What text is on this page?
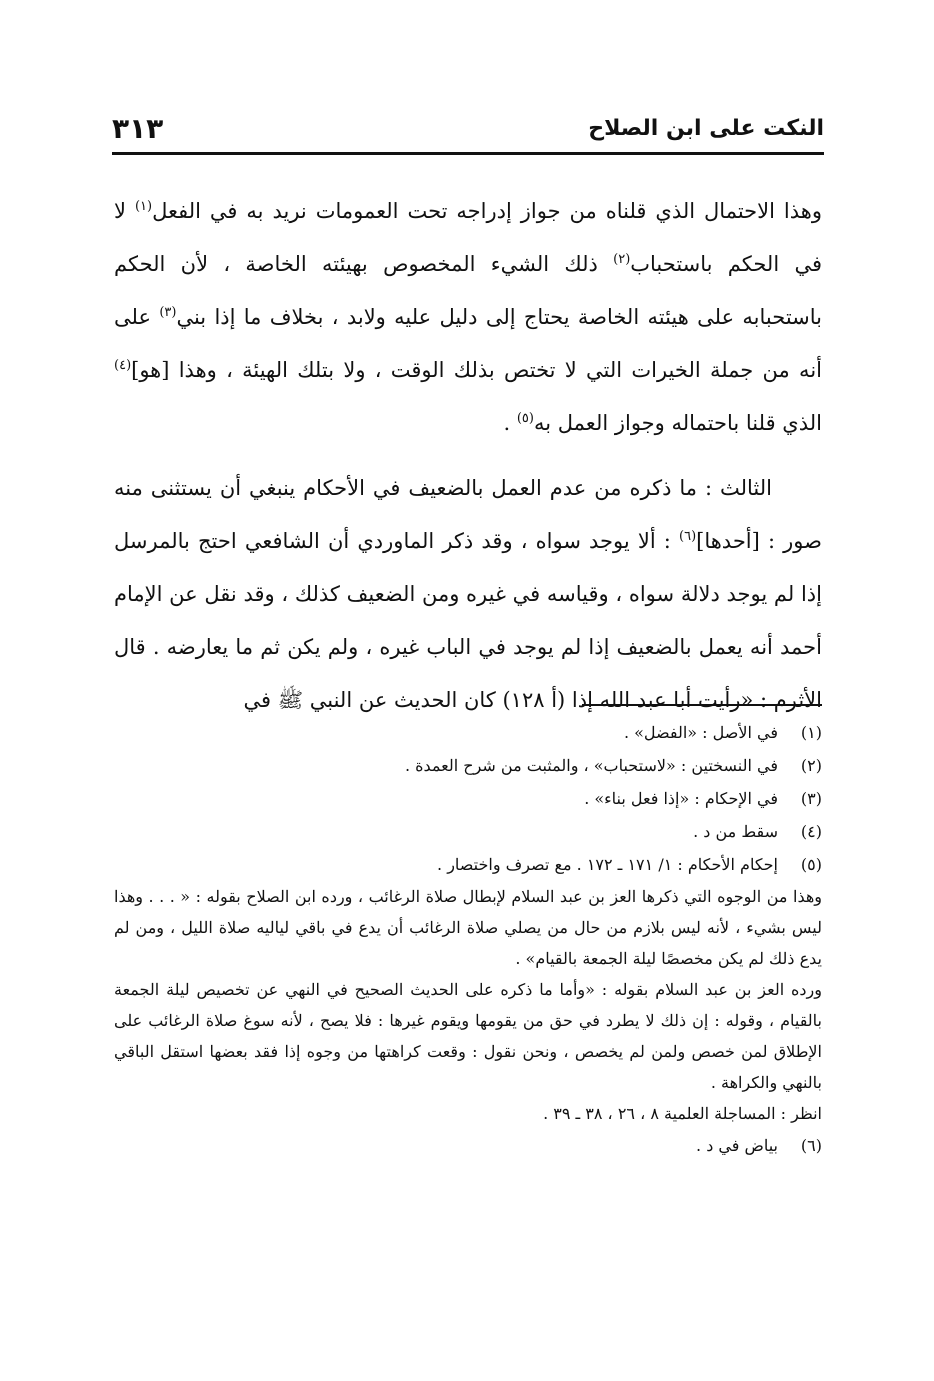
النكت على ابن الصلاح
٣١٣

وهذا الاحتمال الذي قلناه من جواز إدراجه تحت العمومات نريد به في الفعل$^{(١)}$ لا في الحكم باستحباب$^{(٢)}$ ذلك الشيء المخصوص بهيئته الخاصة ، لأن الحكم باستحبابه على هيئته الخاصة يحتاج إلى دليل عليه ولابد ، بخلاف ما إذا بني$^{(٣)}$ على أنه من جملة الخيرات التي لا تختص بذلك الوقت ، ولا بتلك الهيئة ، وهذا [هو]$^{(٤)}$ الذي قلنا باحتماله وجواز العمل به$^{(٥)}$ .

الثالث : ما ذكره من عدم العمل بالضعيف في الأحكام ينبغي أن يستثنى منه صور : [أحدها]$^{(٦)}$ : ألا يوجد سواه ، وقد ذكر الماوردي أن الشافعي احتج بالمرسل إذا لم يوجد دلالة سواه ، وقياسه في غيره ومن الضعيف كذلك ، وقد نقل عن الإمام أحمد أنه يعمل بالضعيف إذا لم يوجد في الباب غيره ، ولم يكن ثم ما يعارضه . قال الأثرم : «رأيت أبا عبد الله إذا (أ ١٢٨) كان الحديث عن النبي ﷺ في

(١)
في الأصل : «الفضل» .

(٢)
في النسختين : «لاستحباب» ، والمثبت من شرح العمدة .

(٣)
في الإحكام : «إذا فعل بناء» .

(٤)
سقط من د .

(٥)
إحكام الأحكام : ١/ ١٧١ ـ ١٧٢ . مع تصرف واختصار .

وهذا من الوجوه التي ذكرها العز بن عبد السلام لإبطال صلاة الرغائب ، ورده ابن الصلاح بقوله : « . . . وهذا ليس بشيء ، لأنه ليس بلازم من حال من يصلي صلاة الرغائب أن يدع في باقي لياليه صلاة الليل ، ومن لم يدع ذلك لم يكن مخصصًا ليلة الجمعة بالقيام» .

ورده العز بن عبد السلام بقوله : «وأما ما ذكره على الحديث الصحيح في النهي عن تخصيص ليلة الجمعة بالقيام ، وقوله : إن ذلك لا يطرد في حق من يقومها ويقوم غيرها : فلا يصح ، لأنه سوغ صلاة الرغائب على الإطلاق لمن خصص ولمن لم يخصص ، ونحن نقول : وقعت كراهتها من وجوه إذا فقد بعضها استقل الباقي بالنهي والكراهة .

انظر : المساجلة العلمية ٨ ، ٢٦ ، ٣٨ ـ ٣٩ .

(٦)
بياض في د .
